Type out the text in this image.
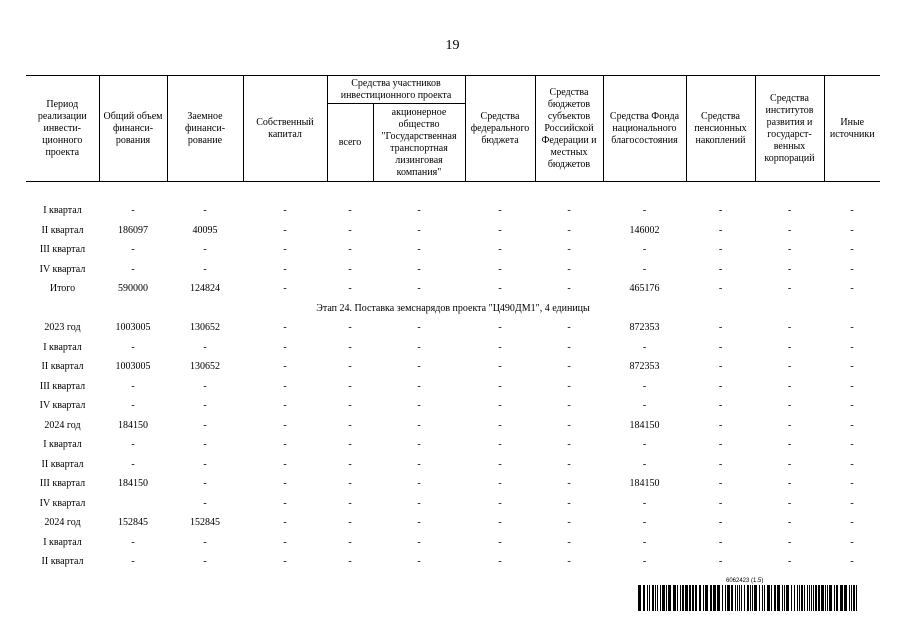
19
Период реализации инвести-ционного проекта	Общий объем финанси-рования	Заемное финанси-рование	Собственный капитал	Средства участников инвестиционного проекта		Средства федерального бюджета	Средства бюджетов субъектов Российской Федерации и местных бюджетов	Средства Фонда национального благосостояния	Средства пенсионных накоплений	Средства институтов развития и государст-венных корпораций	Иные источники
				всего	акционерное общество "Государственная транспортная лизинговая компания"						

I квартал	-	-	-	-	-	-	-	-	-	-	-
II квартал	186097	40095	-	-	-	-	-	146002	-	-	-
III квартал	-	-	-	-	-	-	-	-	-	-	-
IV квартал	-	-	-	-	-	-	-	-	-	-	-
Итого	590000	124824	-	-	-	-	-	465176	-	-	-
Этап 24. Поставка земснарядов проекта "Ц490ДМ1", 4 единицы											
2023 год	1003005	130652	-	-	-	-	-	872353	-	-	-
I квартал	-	-	-	-	-	-	-	-	-	-	-
II квартал	1003005	130652	-	-	-	-	-	872353	-	-	-
III квартал	-	-	-	-	-	-	-	-	-	-	-
IV квартал	-	-	-	-	-	-	-	-	-	-	-
2024 год	184150	-	-	-	-	-	-	184150	-	-	-
I квартал	-	-	-	-	-	-	-	-	-	-	-
II квартал	-	-	-	-	-	-	-	-	-	-	-
III квартал	184150	-	-	-	-	-	-	184150	-	-	-
IV квартал		-	-	-	-	-	-	-	-	-	-
2024 год	152845	152845	-	-	-	-	-	-	-	-	-
I квартал	-	-	-	-	-	-	-	-	-	-	-
II квартал	-	-	-	-	-	-	-	-	-	-	-
6062423 (1.5)
